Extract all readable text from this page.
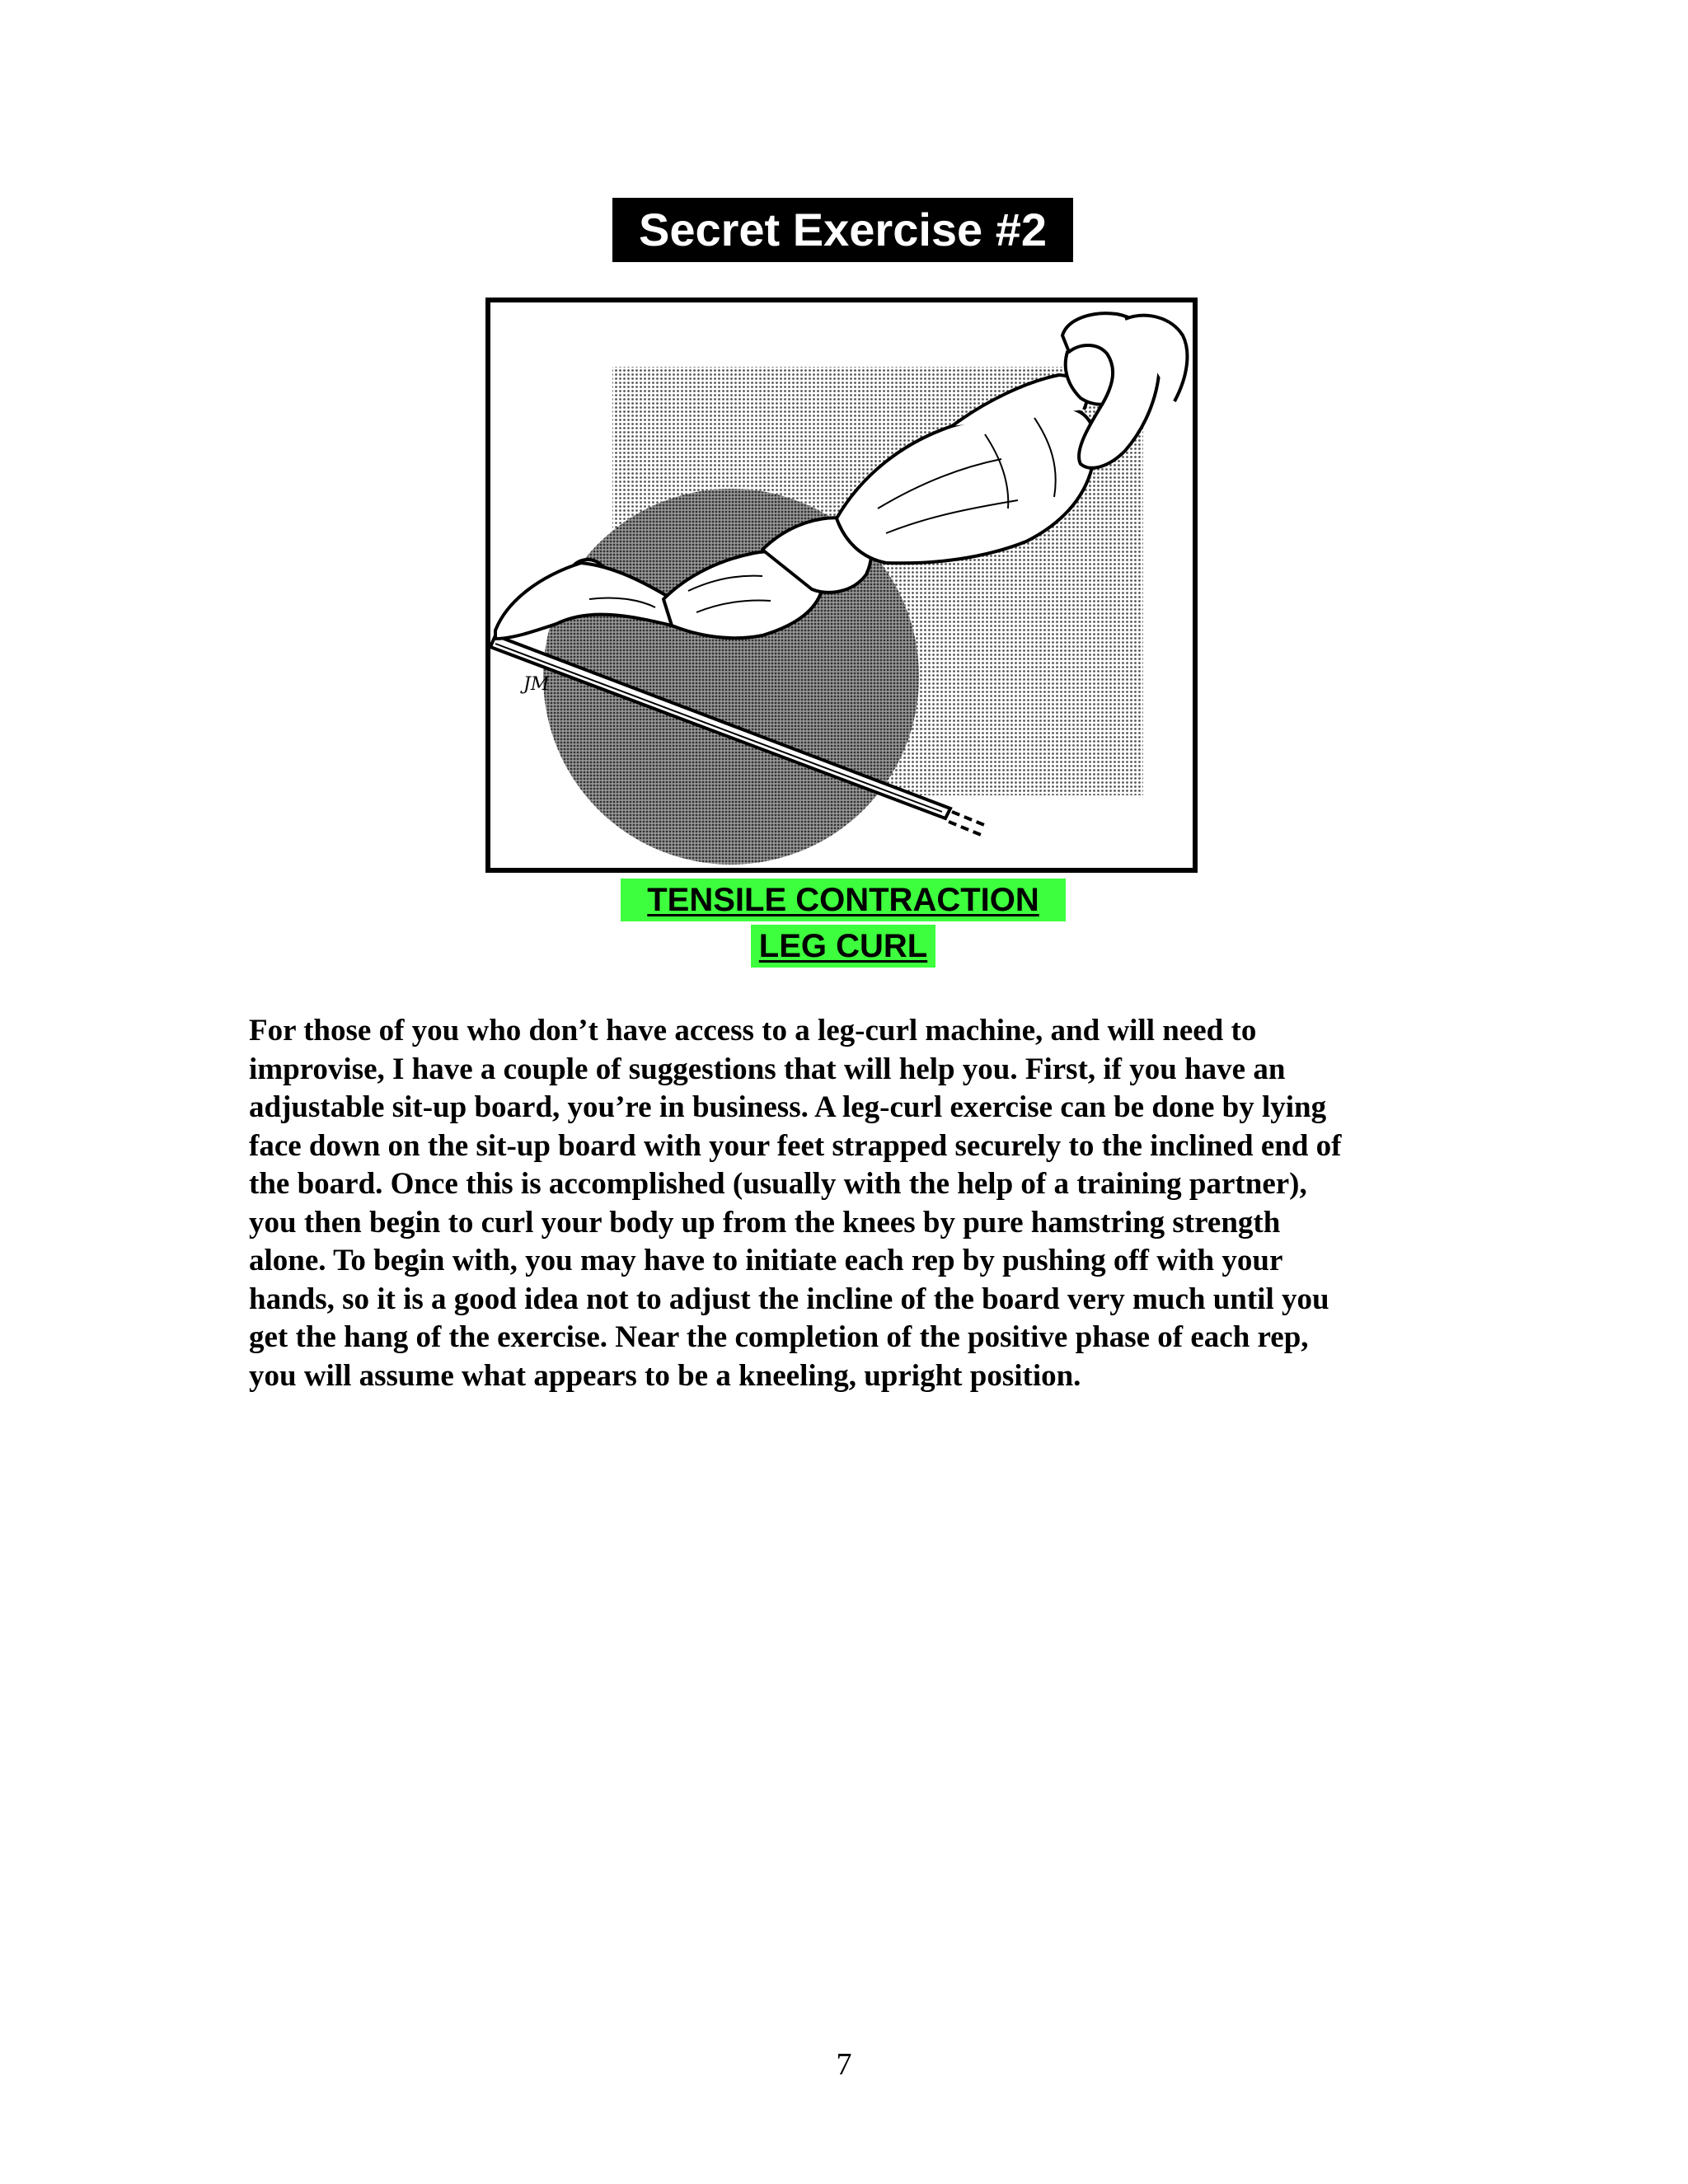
Secret Exercise #2
JM
TENSILE CONTRACTION
LEG CURL

For those of you who don’t have access to a leg-curl machine, and will need to
improvise, I have a couple of suggestions that will help you. First, if you have an
adjustable sit-up board, you’re in business. A leg-curl exercise can be done by lying
face down on the sit-up board with your feet strapped securely to the inclined end of
the board. Once this is accomplished (usually with the help of a training partner),
you then begin to curl your body up from the knees by pure hamstring strength
alone. To begin with, you may have to initiate each rep by pushing off with your
hands, so it is a good idea not to adjust the incline of the board very much until you
get the hang of the exercise. Near the completion of the positive phase of each rep,
you will assume what appears to be a kneeling, upright position.

7
